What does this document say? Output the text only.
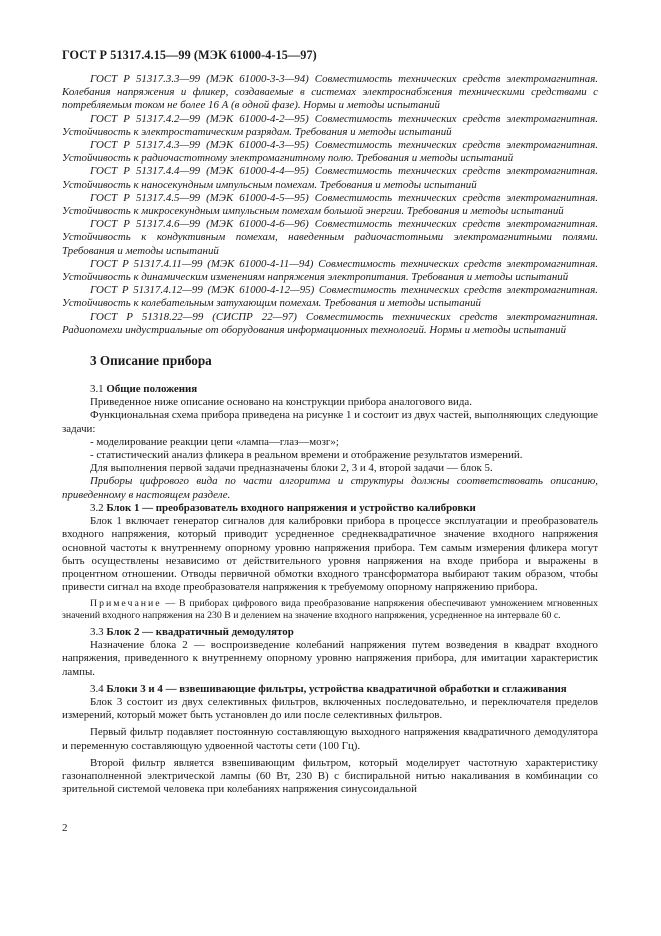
ГОСТ Р 51317.4.15—99 (МЭК 61000-4-15—97)

ГОСТ Р 51317.3.3—99 (МЭК 61000-3-3—94) Совместимость технических средств электромагнитная. Колебания напряжения и фликер, создаваемые в системах электроснабжения техническими средствами с потребляемым током не более 16 А (в одной фазе). Нормы и методы испытаний

ГОСТ Р 51317.4.2—99 (МЭК 61000-4-2—95) Совместимость технических средств электромагнитная. Устойчивость к электростатическим разрядам. Требования и методы испытаний

ГОСТ Р 51317.4.3—99 (МЭК 61000-4-3—95) Совместимость технических средств электромагнитная. Устойчивость к радиочастотному электромагнитному полю. Требования и методы испытаний

ГОСТ Р 51317.4.4—99 (МЭК 61000-4-4—95) Совместимость технических средств электромагнитная. Устойчивость к наносекундным импульсным помехам. Требования и методы испытаний

ГОСТ Р 51317.4.5—99 (МЭК 61000-4-5—95) Совместимость технических средств электромагнитная. Устойчивость к микросекундным импульсным помехам большой энергии. Требования и методы испытаний

ГОСТ Р 51317.4.6—99 (МЭК 61000-4-6—96) Совместимость технических средств электромагнитная. Устойчивость к кондуктивным помехам, наведенным радиочастотными электромагнитными полями. Требования и методы испытаний

ГОСТ Р 51317.4.11—99 (МЭК 61000-4-11—94) Совместимость технических средств электромагнитная. Устойчивость к динамическим изменениям напряжения электропитания. Требования и методы испытаний

ГОСТ Р 51317.4.12—99 (МЭК 61000-4-12—95) Совместимость технических средств электромагнитная. Устойчивость к колебательным затухающим помехам. Требования и методы испытаний

ГОСТ Р 51318.22—99 (СИСПР 22—97) Совместимость технических средств электромагнитная. Радиопомехи индустриальные от оборудования информационных технологий. Нормы и методы испытаний

3 Описание прибора

3.1 Общие положения

Приведенное ниже описание основано на конструкции прибора аналогового вида.

Функциональная схема прибора приведена на рисунке 1 и состоит из двух частей, выполняющих следующие задачи:

- моделирование реакции цепи «лампа—глаз—мозг»;

- статистический анализ фликера в реальном времени и отображение результатов измерений.

Для выполнения первой задачи предназначены блоки 2, 3 и 4, второй задачи — блок 5.

Приборы цифрового вида по части алгоритма и структуры должны соответствовать описанию, приведенному в настоящем разделе.

3.2 Блок 1 — преобразователь входного напряжения и устройство калибровки

Блок 1 включает генератор сигналов для калибровки прибора в процессе эксплуатации и преобразователь входного напряжения, который приводит усредненное среднеквадратичное значение входного напряжения основной частоты к внутреннему опорному уровню напряжения прибора. Тем самым измерения фликера могут быть осуществлены независимо от действительного уровня напряжения на входе прибора и выражены в процентном отношении. Отводы первичной обмотки входного трансформатора выбирают таким образом, чтобы привести сигнал на входе преобразователя напряжения к требуемому опорному напряжению прибора.

Примечание — В приборах цифрового вида преобразование напряжения обеспечивают умножением мгновенных значений входного напряжения на 230 В и делением на значение входного напряжения, усредненное на интервале 60 с.

3.3 Блок 2 — квадратичный демодулятор

Назначение блока 2 — воспроизведение колебаний напряжения путем возведения в квадрат входного напряжения, приведенного к внутреннему опорному уровню напряжения прибора, для имитации характеристик лампы.

3.4 Блоки 3 и 4 — взвешивающие фильтры, устройства квадратичной обработки и сглаживания

Блок 3 состоит из двух селективных фильтров, включенных последовательно, и переключателя пределов измерений, который может быть установлен до или после селективных фильтров.

Первый фильтр подавляет постоянную составляющую выходного напряжения квадратичного демодулятора и переменную составляющую удвоенной частоты сети (100 Гц).

Второй фильтр является взвешивающим фильтром, который моделирует частотную характеристику газонаполненной электрической лампы (60 Вт, 230 В) с биспиральной нитью накаливания в комбинации со зрительной системой человека при колебаниях напряжения синусоидальной

2
